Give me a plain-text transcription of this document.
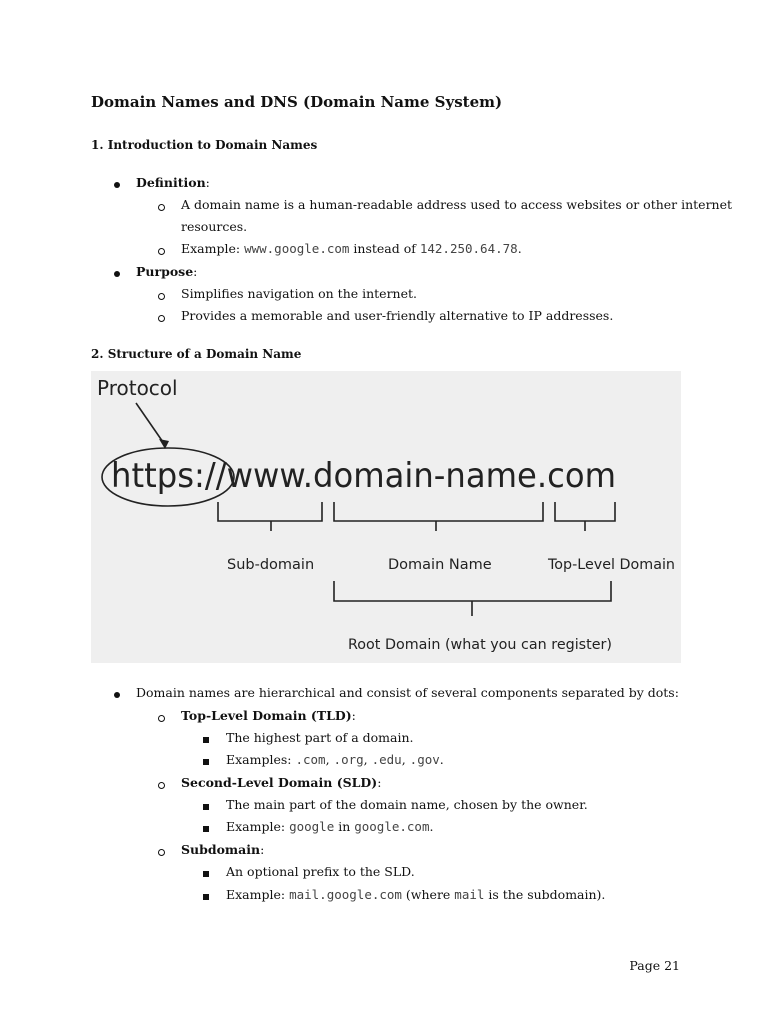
Domain Names and DNS (Domain Name System)
1. Introduction to Domain Names
Definition:
A domain name is a human-readable address used to access websites or other internet
resources.
Example: www.google.com instead of 142.250.64.78.
Purpose:
Simplifies navigation on the internet.
Provides a memorable and user-friendly alternative to IP addresses.
2. Structure of a Domain Name
Protocol
https://www.domain-name.com
Sub-domain	Domain Name	Top-Level Domain
Root Domain (what you can register)
Domain names are hierarchical and consist of several components separated by dots:
Top-Level Domain (TLD):
The highest part of a domain.
Examples: .com, .org, .edu, .gov.
Second-Level Domain (SLD):
The main part of the domain name, chosen by the owner.
Example: google in google.com.
Subdomain:
An optional prefix to the SLD.
Example: mail.google.com (where mail is the subdomain).
Page 21
